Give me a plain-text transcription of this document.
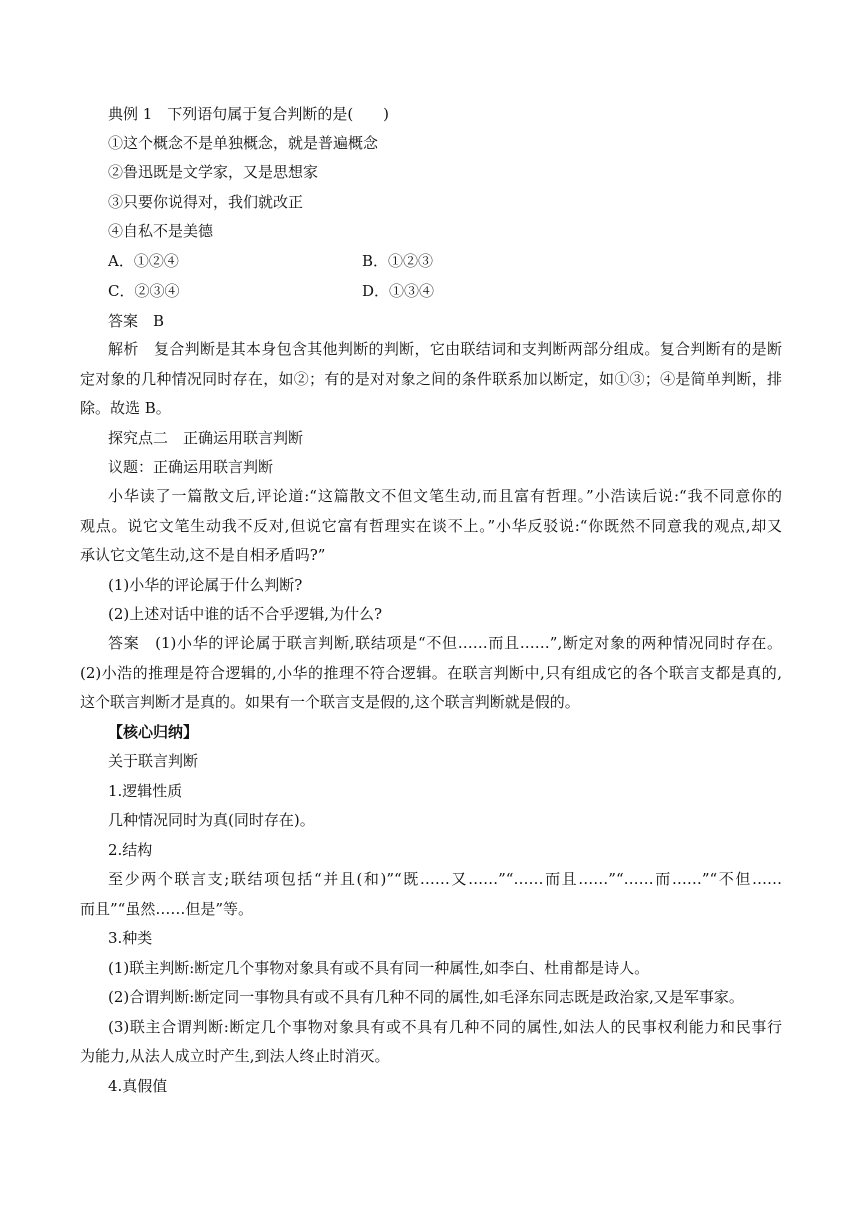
典例 1　下列语句属于复合判断的是(　　)
①这个概念不是单独概念，就是普遍概念
②鲁迅既是文学家，又是思想家
③只要你说得对，我们就改正
④自私不是美德
A．①②④	B．①②③
C．②③④	D．①③④
答案　B
解析　复合判断是其本身包含其他判断的判断，它由联结词和支判断两部分组成。复合判断有的是断
定对象的几种情况同时存在，如②；有的是对对象之间的条件联系加以断定，如①③；④是简单判断，排
除。故选 B。
探究点二　正确运用联言判断
议题：正确运用联言判断
小华读了一篇散文后,评论道:“这篇散文不但文笔生动,而且富有哲理。”小浩读后说:“我不同意你的
观点。说它文笔生动我不反对,但说它富有哲理实在谈不上。”小华反驳说:“你既然不同意我的观点,却又
承认它文笔生动,这不是自相矛盾吗?”
(1)小华的评论属于什么判断?
(2)上述对话中谁的话不合乎逻辑,为什么?
答案　(1)小华的评论属于联言判断,联结项是“不但……而且……”,断定对象的两种情况同时存在。
(2)小浩的推理是符合逻辑的,小华的推理不符合逻辑。在联言判断中,只有组成它的各个联言支都是真的,
这个联言判断才是真的。如果有一个联言支是假的,这个联言判断就是假的。
【核心归纳】
关于联言判断
1.逻辑性质
几种情况同时为真(同时存在)。
2.结构
至少两个联言支;联结项包括“并且(和)”“既……又……”“……而且……”“……而……”“不但……
而且”“虽然……但是”等。
3.种类
(1)联主判断:断定几个事物对象具有或不具有同一种属性,如李白、杜甫都是诗人。
(2)合谓判断:断定同一事物具有或不具有几种不同的属性,如毛泽东同志既是政治家,又是军事家。
(3)联主合谓判断:断定几个事物对象具有或不具有几种不同的属性,如法人的民事权利能力和民事行
为能力,从法人成立时产生,到法人终止时消灭。
4.真假值
